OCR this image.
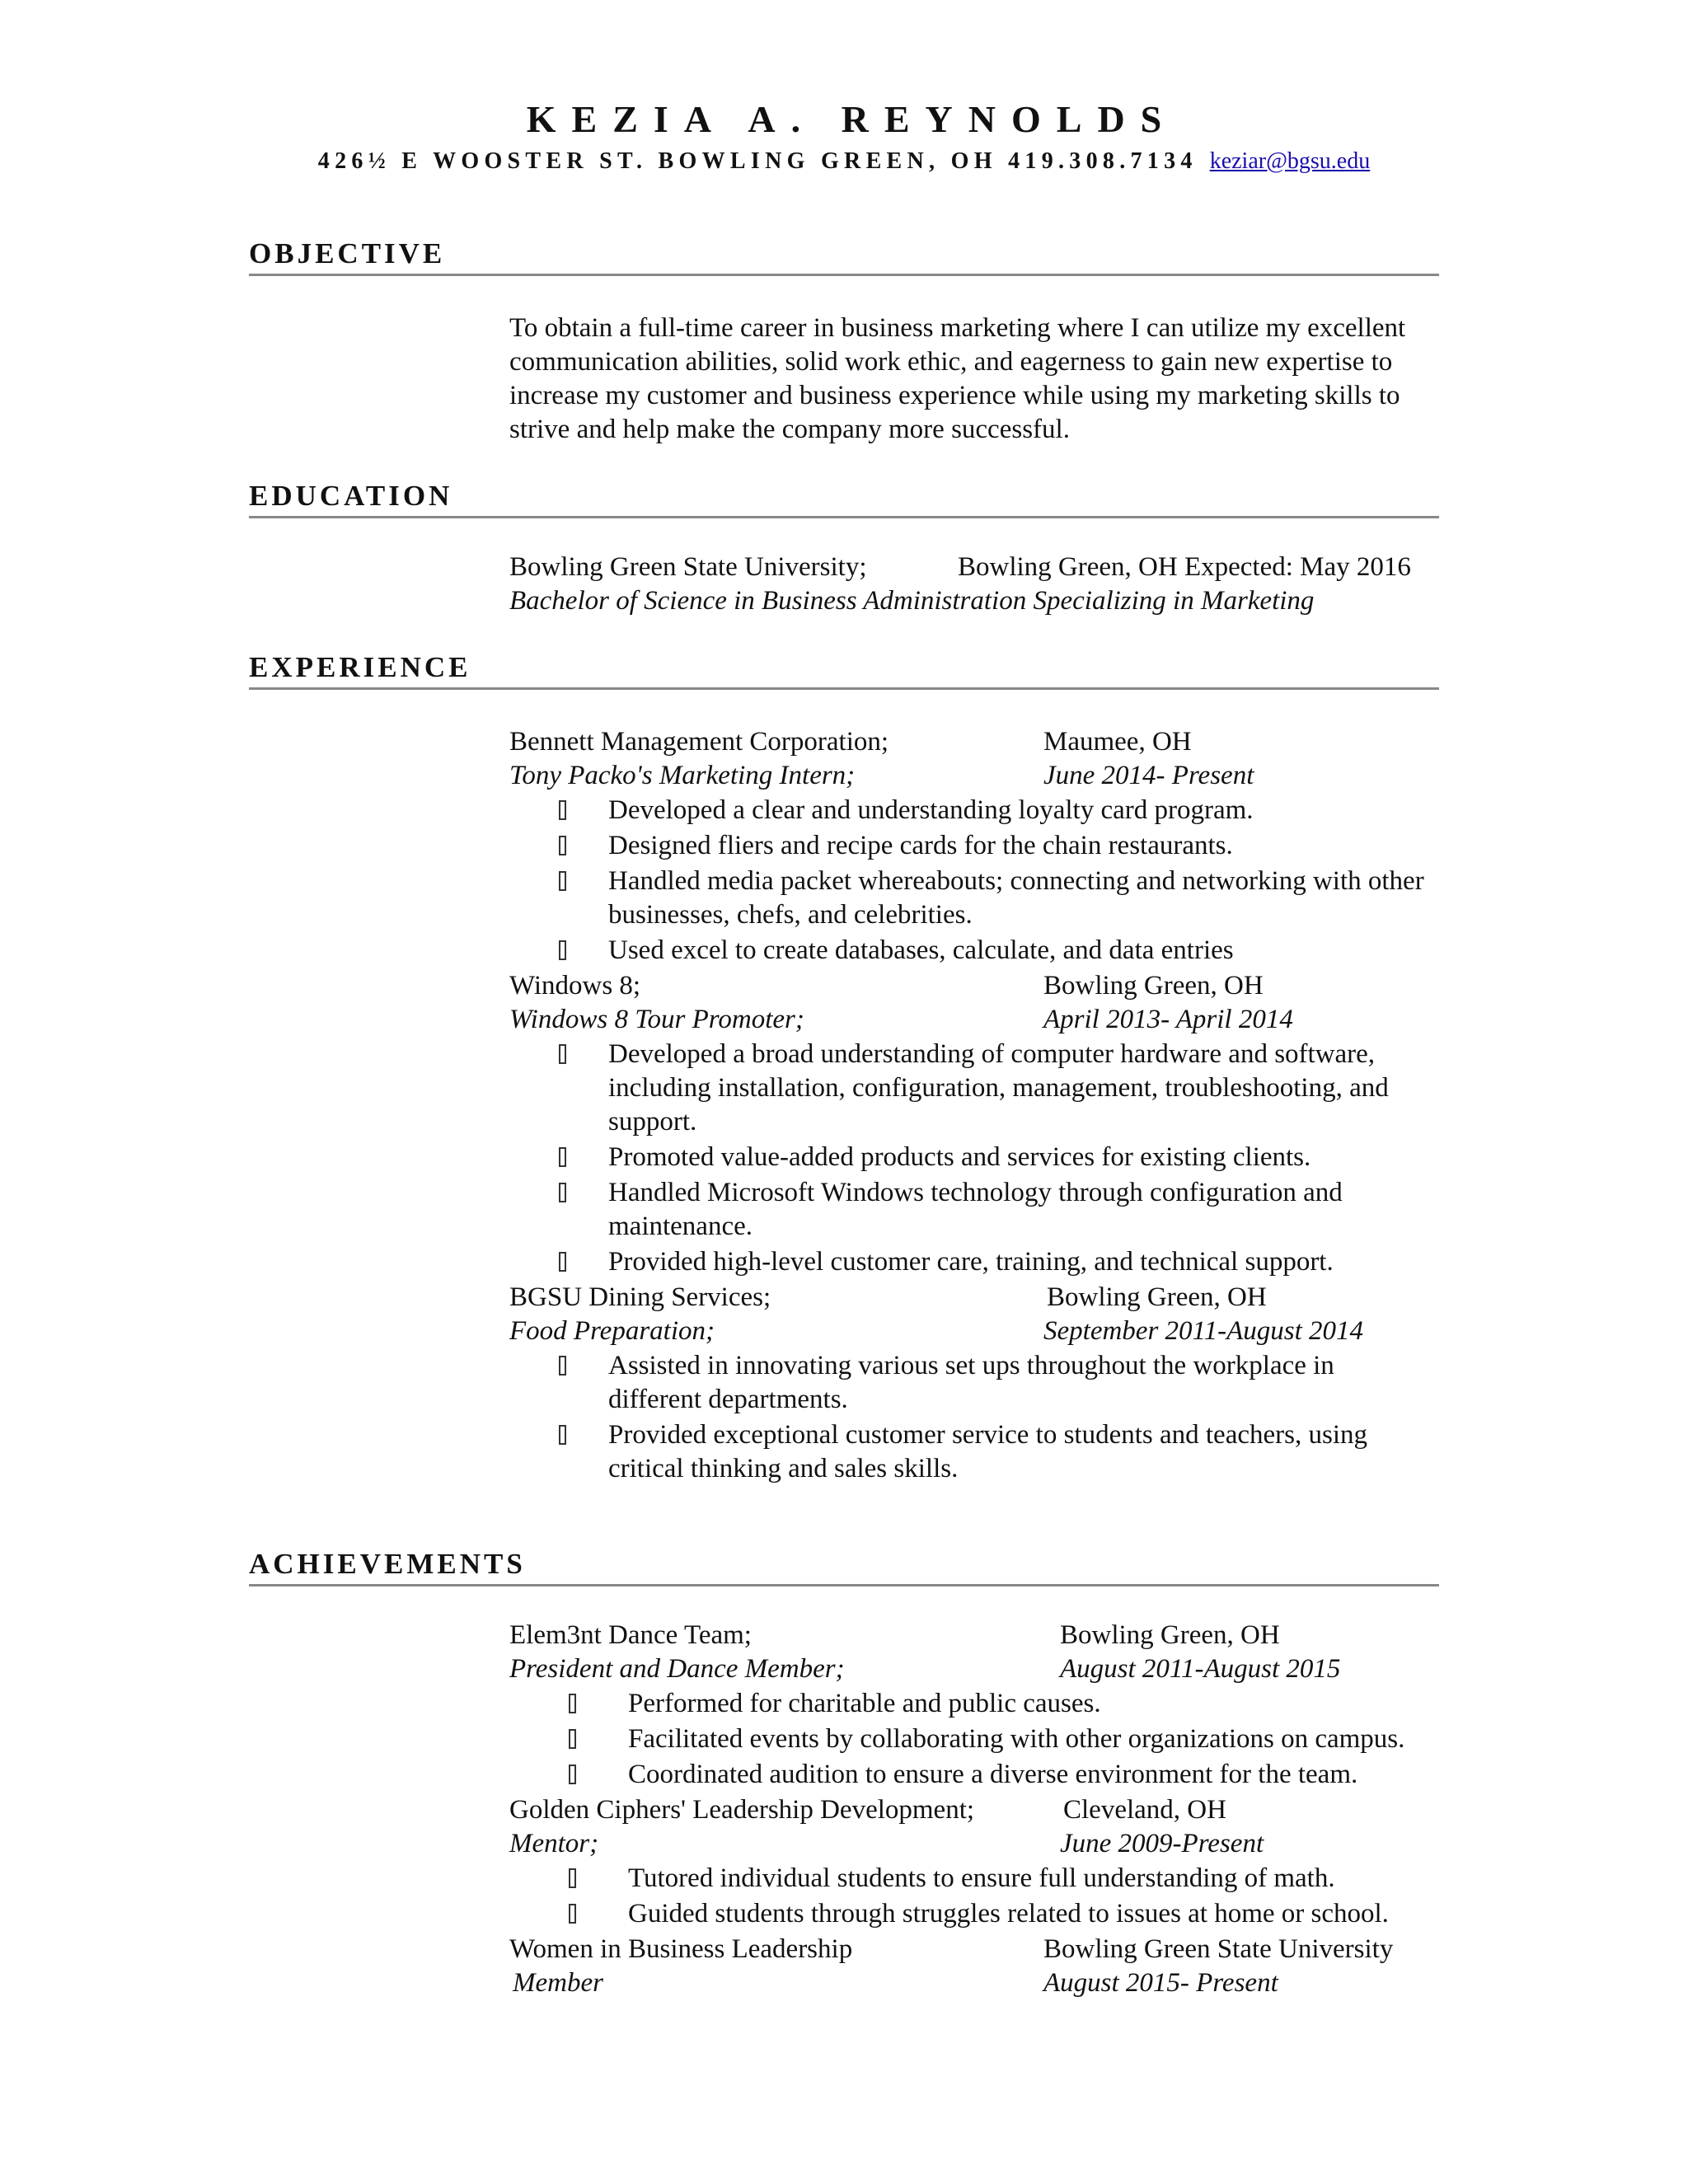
KEZIA A. REYNOLDS
426½ E WOOSTER ST. BOWLING GREEN, OH 419.308.7134 keziar@bgsu.edu
OBJECTIVE

To obtain a full-time career in business marketing where I can utilize my excellent communication abilities, solid work ethic, and eagerness to gain new expertise to increase my customer and business experience while using my marketing skills to strive and help make the company more successful.

EDUCATION
Bowling Green State University;	Bowling Green, OH Expected: May 2016
Bachelor of Science in Business Administration Specializing in Marketing
EXPERIENCE
Bennett Management Corporation;	Maumee, OH
Tony Packo's Marketing Intern;	June 2014- Present
Developed a clear and understanding loyalty card program.
Designed fliers and recipe cards for the chain restaurants.
Handled media packet whereabouts; connecting and networking with other businesses, chefs, and celebrities.
Used excel to create databases, calculate, and data entries
Windows 8;	Bowling Green, OH
Windows 8 Tour Promoter;	April 2013- April 2014
Developed a broad understanding of computer hardware and software, including installation, configuration, management, troubleshooting, and support.
Promoted value-added products and services for existing clients.
Handled Microsoft Windows technology through configuration and maintenance.
Provided high-level customer care, training, and technical support.
BGSU Dining Services;	Bowling Green, OH
Food Preparation;	September 2011-August 2014
Assisted in innovating various set ups throughout the workplace in different departments.
Provided exceptional customer service to students and teachers, using critical thinking and sales skills.
ACHIEVEMENTS
Elem3nt Dance Team;	Bowling Green, OH
President and Dance Member;	August 2011-August 2015
Performed for charitable and public causes.
Facilitated events by collaborating with other organizations on campus.
Coordinated audition to ensure a diverse environment for the team.
Golden Ciphers' Leadership Development;	Cleveland, OH
Mentor;	June 2009-Present
Tutored individual students to ensure full understanding of math.
Guided students through struggles related to issues at home or school.
Women in Business Leadership	Bowling Green State University
Member	August 2015- Present
